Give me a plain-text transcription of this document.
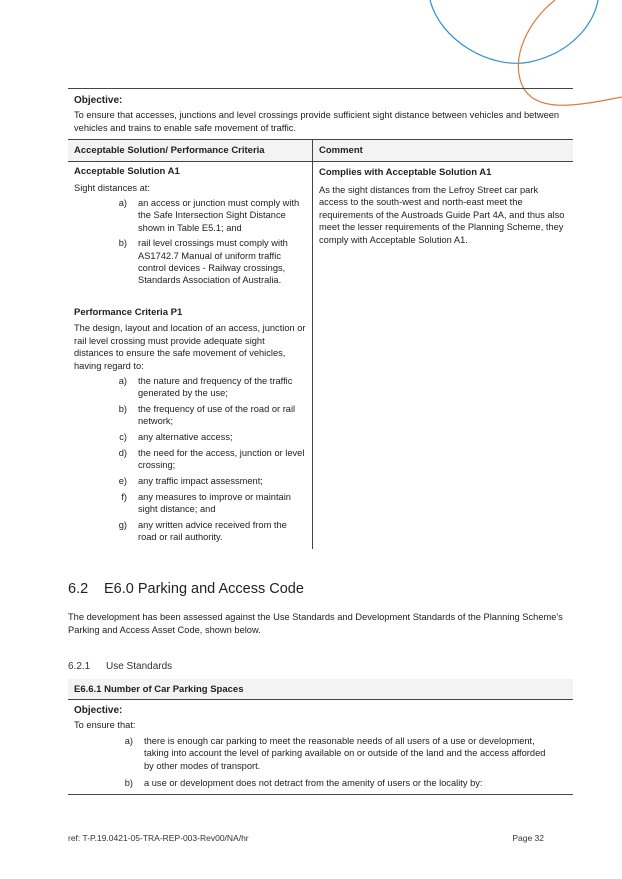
Objective:
To ensure that accesses, junctions and level crossings provide sufficient sight distance between vehicles and between vehicles and trains to enable safe movement of traffic.
Acceptable Solution/ Performance Criteria	Comment
Acceptable Solution A1
Sight distances at:
a)	an access or junction must comply with the Safe Intersection Sight Distance shown in Table E5.1; and
b)	rail level crossings must comply with AS1742.7 Manual of uniform traffic control devices - Railway crossings, Standards Association of Australia.
Performance Criteria P1
The design, layout and location of an access, junction or rail level crossing must provide adequate sight distances to ensure the safe movement of vehicles, having regard to:
a)	the nature and frequency of the traffic generated by the use;
b)	the frequency of use of the road or rail network;
c)	any alternative access;
d)	the need for the access, junction or level crossing;
e)	any traffic impact assessment;
f)	any measures to improve or maintain sight distance; and
g)	any written advice received from the road or rail authority.
Complies with Acceptable Solution A1
As the sight distances from the Lefroy Street car park access to the south-west and north-east meet the requirements of the Austroads Guide Part 4A, and thus also meet the lesser requirements of the Planning Scheme, they comply with Acceptable Solution A1.
6.2 E6.0 Parking and Access Code
The development has been assessed against the Use Standards and Development Standards of the Planning Scheme's Parking and Access Asset Code, shown below.
6.2.1 Use Standards
E6.6.1 Number of Car Parking Spaces
Objective:
To ensure that:
a)	there is enough car parking to meet the reasonable needs of all users of a use or development, taking into account the level of parking available on or outside of the land and the access afforded by other modes of transport.
b)	a use or development does not detract from the amenity of users or the locality by:
ref: T-P.19.0421-05-TRA-REP-003-Rev00/NA/hr	Page 32
